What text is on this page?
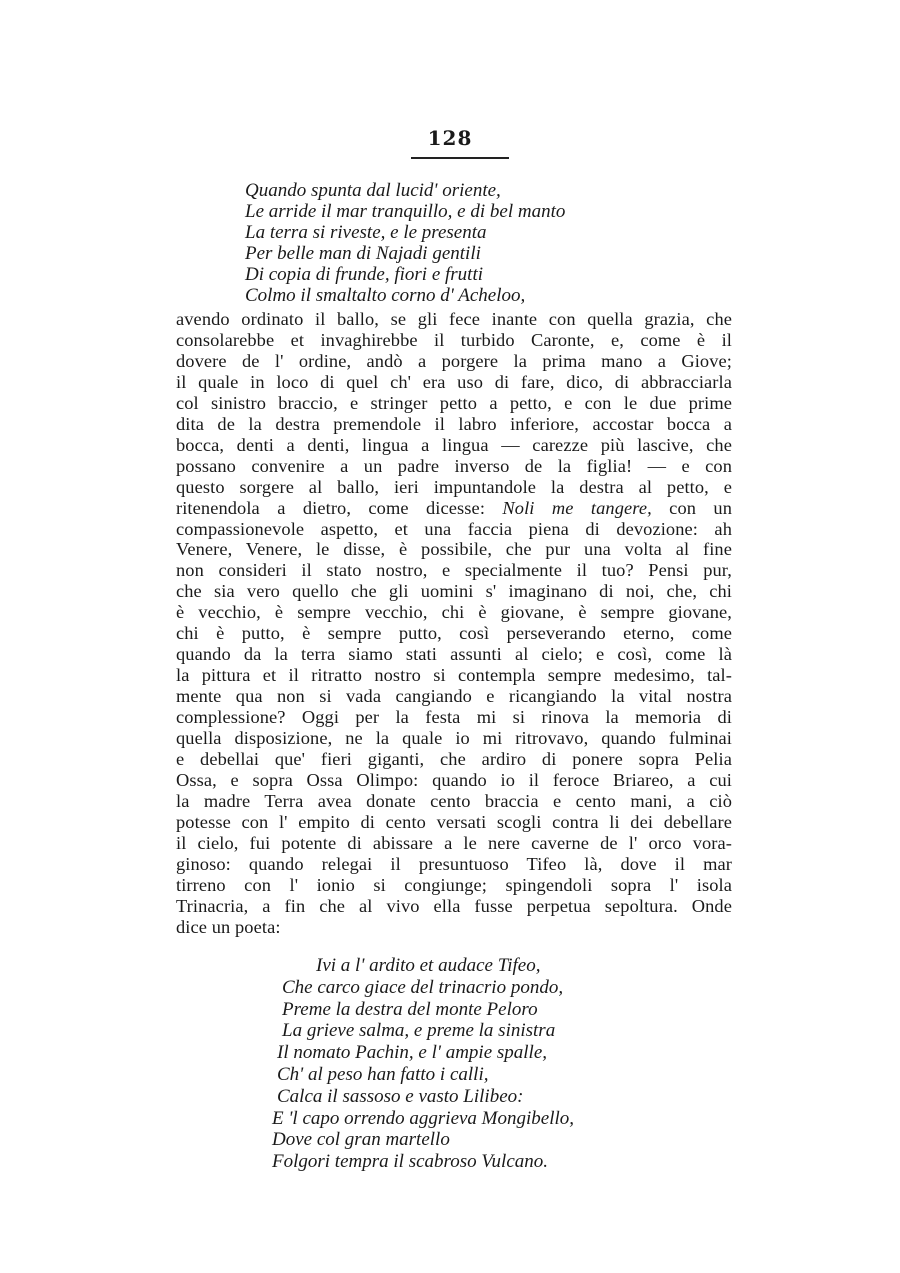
128
Quando spunta dal lucid' oriente,
Le arride il mar tranquillo, e di bel manto
La terra si riveste, e le presenta
Per belle man di Najadi gentili
Di copia di frunde, fiori e frutti
Colmo il smaltalto corno d' Acheloo,
avendo ordinato il ballo, se gli fece inante con quella grazia, che
consolarebbe et invaghirebbe il turbido Caronte, e, come è il
dovere de l' ordine, andò a porgere la prima mano a Giove;
il quale in loco di quel ch' era uso di fare, dico, di abbracciarla
col sinistro braccio, e stringer petto a petto, e con le due prime
dita de la destra premendole il labro inferiore, accostar bocca a
bocca, denti a denti, lingua a lingua — carezze più lascive, che
possano convenire a un padre inverso de la figlia! — e con
questo sorgere al ballo, ieri impuntandole la destra al petto, e
ritenendola a dietro, come dicesse: Noli me tangere, con un
compassionevole aspetto, et una faccia piena di devozione: ah
Venere, Venere, le disse, è possibile, che pur una volta al fine
non consideri il stato nostro, e specialmente il tuo? Pensi pur,
che sia vero quello che gli uomini s' imaginano di noi, che, chi
è vecchio, è sempre vecchio, chi è giovane, è sempre giovane,
chi è putto, è sempre putto, così perseverando eterno, come
quando da la terra siamo stati assunti al cielo; e così, come là
la pittura et il ritratto nostro si contempla sempre medesimo, tal-
mente qua non si vada cangiando e ricangiando la vital nostra
complessione? Oggi per la festa mi si rinova la memoria di
quella disposizione, ne la quale io mi ritrovavo, quando fulminai
e debellai que' fieri giganti, che ardiro di ponere sopra Pelia
Ossa, e sopra Ossa Olimpo: quando io il feroce Briareo, a cui
la madre Terra avea donate cento braccia e cento mani, a ciò
potesse con l' empito di cento versati scogli contra li dei debellare
il cielo, fui potente di abissare a le nere caverne de l' orco vora-
ginoso: quando relegai il presuntuoso Tifeo là, dove il mar
tirreno con l' ionio si congiunge; spingendoli sopra l' isola
Trinacria, a fin che al vivo ella fusse perpetua sepoltura. Onde
dice un poeta:
Ivi a l' ardito et audace Tifeo,
Che carco giace del trinacrio pondo,
Preme la destra del monte Peloro
La grieve salma, e preme la sinistra
Il nomato Pachin, e l' ampie spalle,
Ch' al peso han fatto i calli,
Calca il sassoso e vasto Lilibeo:
E 'l capo orrendo aggrieva Mongibello,
Dove col gran martello
Folgori tempra il scabroso Vulcano.
